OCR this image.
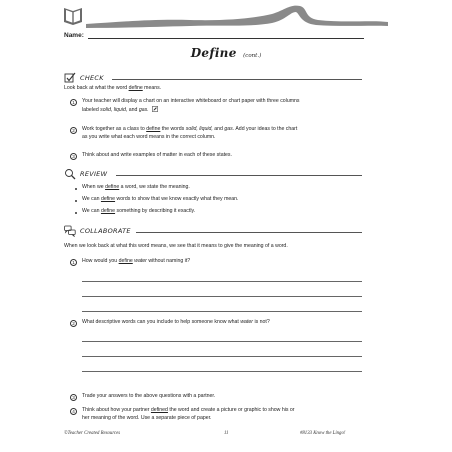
Name:
Define (cont.)
CHECK
Look back at what the word define means.
1	Your teacher will display a chart on an interactive whiteboard or chart paper with three columns
labeled solid, liquid, and gas.
2	Work together as a class to define the words solid, liquid, and gas. Add your ideas to the chart
as you write what each word means in the correct column.
3	Think about and write examples of matter in each of these states.
REVIEW
When we define a word, we state the meaning.
We can define words to show that we know exactly what they mean.
We can define something by describing it exactly.
COLLABORATE
When we look back at what this word means, we see that it means to give the meaning of a word.
1	How would you define water without naming it?
2	What descriptive words can you include to help someone know what water is not?
3	Trade your answers to the above questions with a partner.
4	Think about how your partner defined the word and create a picture or graphic to show his or
her meaning of the word. Use a separate piece of paper.
©Teacher Created Resources	11	#8133 Know the Lingo!
